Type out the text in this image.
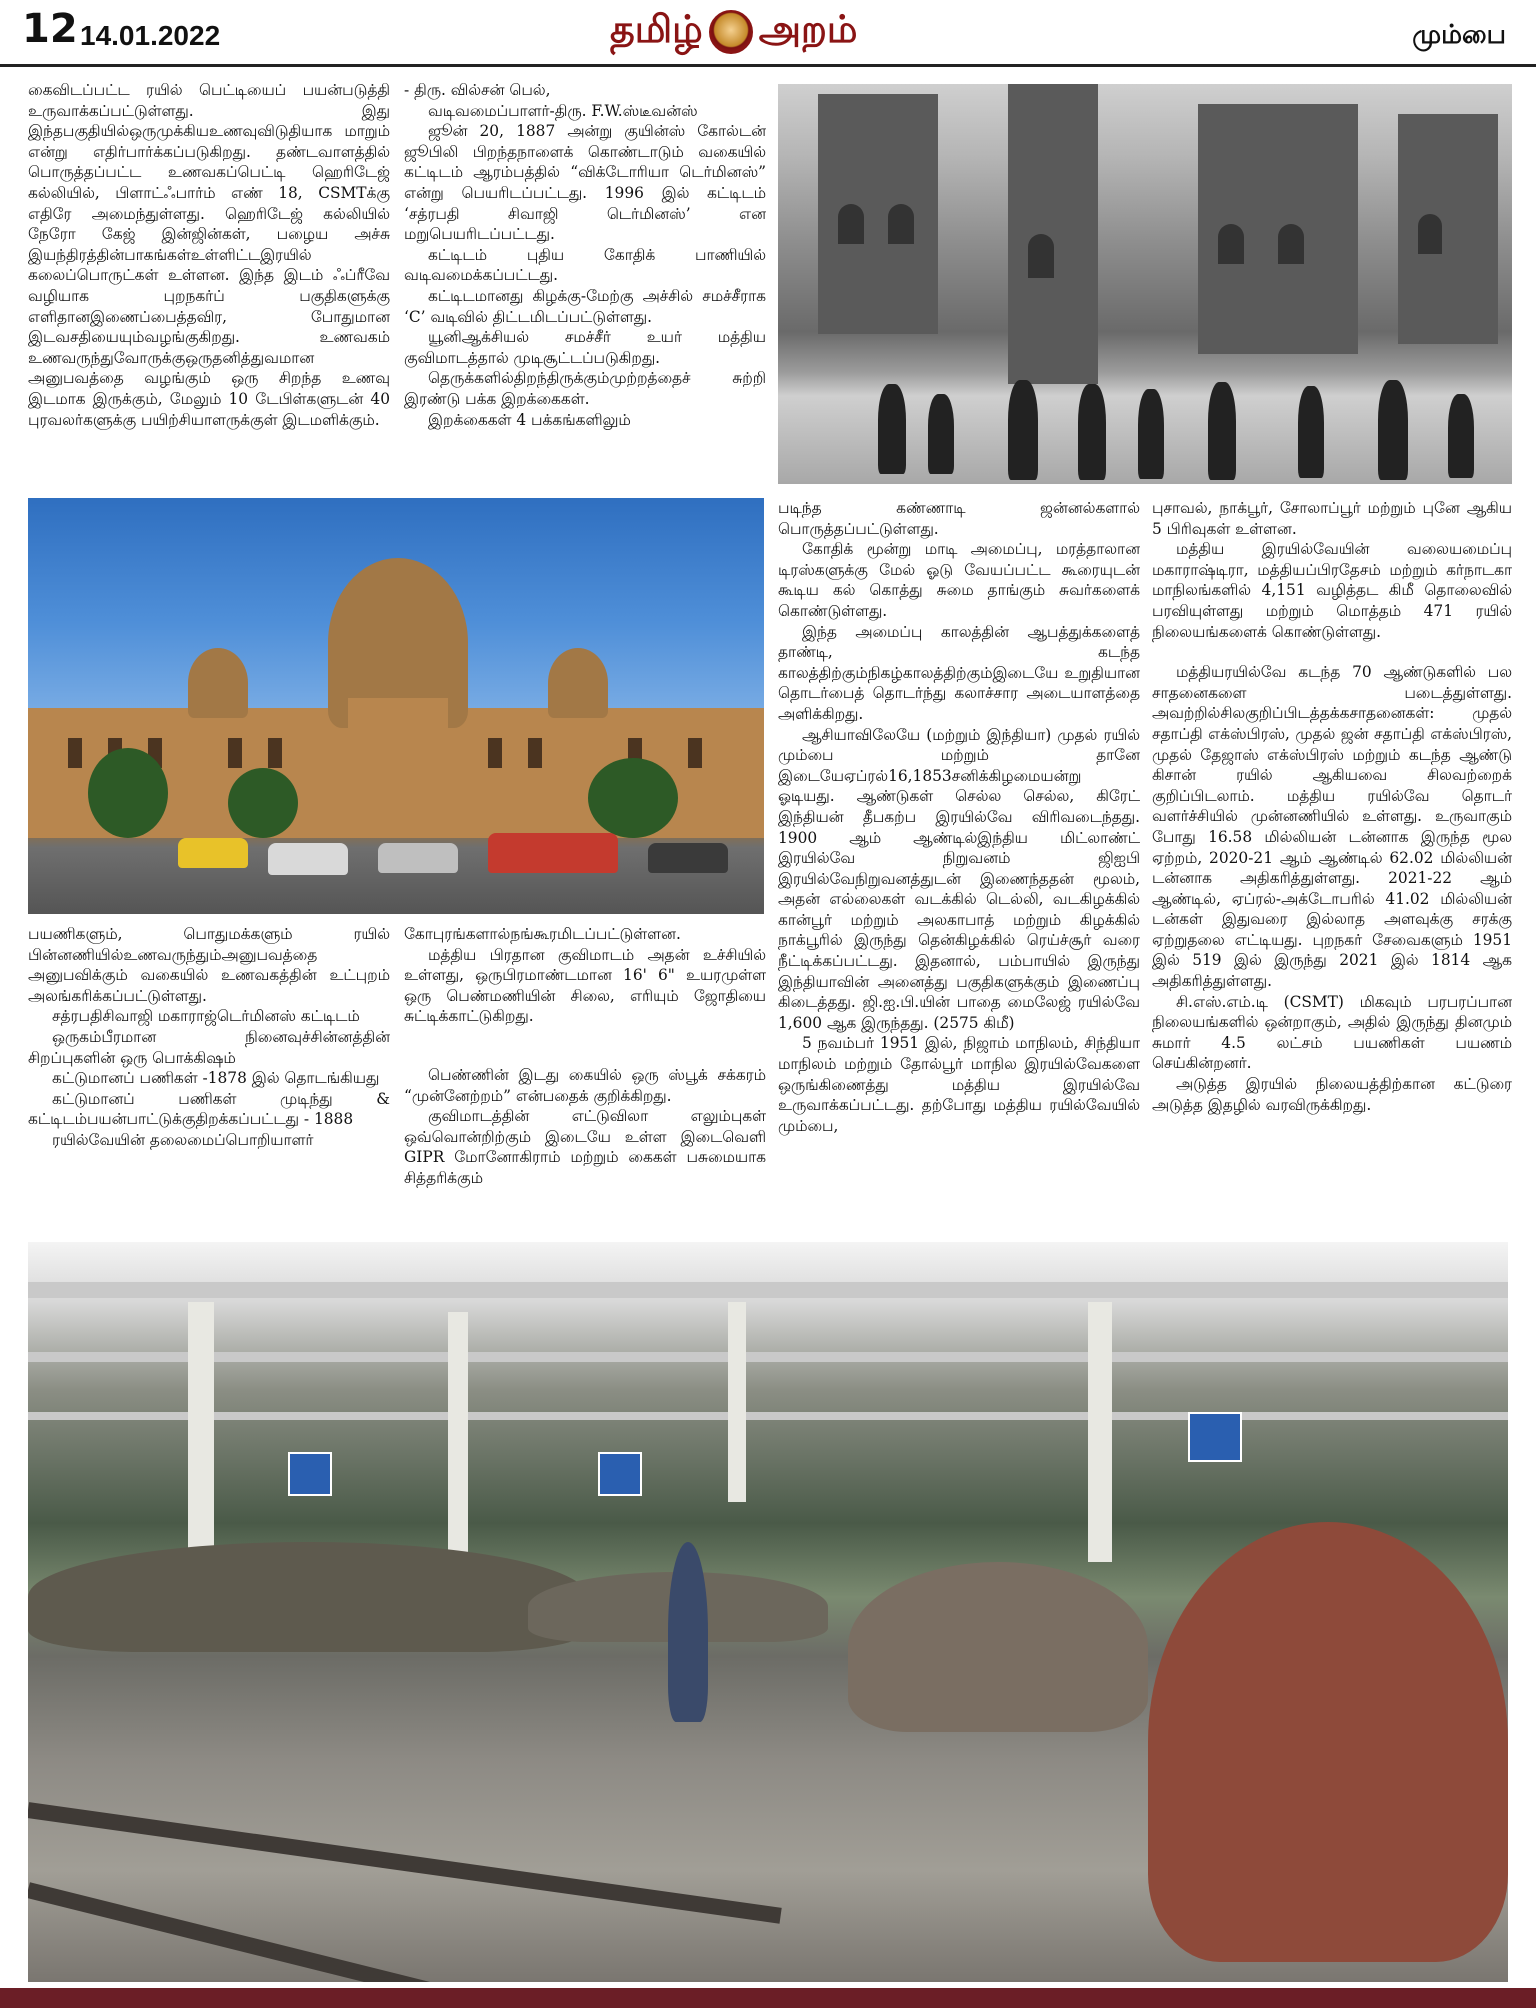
12 14.01.2022	தமிழ் அறம்	மும்பை

கைவிடப்பட்ட ரயில் பெட்டியைப் பயன்படுத்தி உருவாக்கப்பட்டுள்ளது. இது இந்தபகுதியில்ஒருமுக்கியஉணவுவிடுதியாக மாறும் என்று எதிர்பார்க்கப்படுகிறது. தண்டவாளத்தில் பொருத்தப்பட்ட உணவகப்பெட்டி ஹெரிடேஜ் கல்லியில், பிளாட்ஃபார்ம் எண் 18, CSMTக்கு எதிரே அமைந்துள்ளது. ஹெரிடேஜ் கல்லியில் நேரோ கேஜ் இன்ஜின்கள், பழைய அச்சு இயந்திரத்தின்பாகங்கள்உள்ளிட்டஇரயில் கலைப்பொருட்கள் உள்ளன. இந்த இடம் ஃப்ரீவே வழியாக புறநகர்ப் பகுதிகளுக்கு எளிதானஇணைப்பைத்தவிர, போதுமான இடவசதியையும்வழங்குகிறது. உணவகம் உணவருந்துவோருக்குஒருதனித்துவமான அனுபவத்தை வழங்கும் ஒரு சிறந்த உணவு இடமாக இருக்கும், மேலும் 10 டேபிள்களுடன் 40 புரவலர்களுக்கு பயிற்சியாளருக்குள் இடமளிக்கும்.

- திரு. வில்சன் பெல்,

வடிவமைப்பாளர்-திரு. F.W.ஸ்டீவன்ஸ்

ஜூன் 20, 1887 அன்று குயின்ஸ் கோல்டன் ஜூபிலி பிறந்தநாளைக் கொண்டாடும் வகையில் கட்டிடம் ஆரம்பத்தில் “விக்டோரியா டெர்மினஸ்” என்று பெயரிடப்பட்டது. 1996 இல் கட்டிடம் ‘சத்ரபதி சிவாஜி டெர்மினஸ்’ என மறுபெயரிடப்பட்டது.

கட்டிடம் புதிய கோதிக் பாணியில் வடிவமைக்கப்பட்டது.

கட்டிடமானது கிழக்கு-மேற்கு அச்சில் சமச்சீராக ‘C’ வடிவில் திட்டமிடப்பட்டுள்ளது.

யூனிஆக்சியல் சமச்சீர் உயர் மத்திய குவிமாடத்தால் முடிசூட்டப்படுகிறது.

தெருக்களில்திறந்திருக்கும்முற்றத்தைச் சுற்றி இரண்டு பக்க இறக்கைகள்.

இறக்கைகள் 4 பக்கங்களிலும்

படிந்த கண்ணாடி ஜன்னல்களால் பொருத்தப்பட்டுள்ளது.

கோதிக் மூன்று மாடி அமைப்பு, மரத்தாலான டிரஸ்களுக்கு மேல் ஓடு வேயப்பட்ட கூரையுடன் கூடிய கல் கொத்து சுமை தாங்கும் சுவர்களைக் கொண்டுள்ளது.

இந்த அமைப்பு காலத்தின் ஆபத்துக்களைத் தாண்டி, கடந்த காலத்திற்கும்நிகழ்காலத்திற்கும்இடையே உறுதியான தொடர்பைத் தொடர்ந்து கலாச்சார அடையாளத்தை அளிக்கிறது.

ஆசியாவிலேயே (மற்றும் இந்தியா) முதல் ரயில் மும்பை மற்றும் தானே இடையேஏப்ரல்16,1853சனிக்கிழமையன்று ஓடியது. ஆண்டுகள் செல்ல செல்ல, கிரேட் இந்தியன் தீபகற்ப இரயில்வே விரிவடைந்தது. 1900 ஆம் ஆண்டில்இந்திய மிட்லாண்ட் இரயில்வே நிறுவனம் ஜிஐபி இரயில்வேநிறுவனத்துடன் இணைந்ததன் மூலம், அதன் எல்லைகள் வடக்கில் டெல்லி, வடகிழக்கில் கான்பூர் மற்றும் அலகாபாத் மற்றும் கிழக்கில் நாக்பூரில் இருந்து தென்கிழக்கில் ரெய்ச்சூர் வரை நீட்டிக்கப்பட்டது. இதனால், பம்பாயில் இருந்து இந்தியாவின் அனைத்து பகுதிகளுக்கும் இணைப்பு கிடைத்தது. ஜி.ஐ.பி.யின் பாதை மைலேஜ் ரயில்வே 1,600 ஆக இருந்தது. (2575 கிமீ)

5 நவம்பர் 1951 இல், நிஜாம் மாநிலம், சிந்தியா மாநிலம் மற்றும் தோல்பூர் மாநில இரயில்வேகளை ஒருங்கிணைத்து மத்திய இரயில்வே உருவாக்கப்பட்டது. தற்போது மத்திய ரயில்வேயில் மும்பை,

புசாவல், நாக்பூர், சோலாப்பூர் மற்றும் புனே ஆகிய 5 பிரிவுகள் உள்ளன.

மத்திய இரயில்வேயின் வலையமைப்பு மகாராஷ்டிரா, மத்தியப்பிரதேசம் மற்றும் கர்நாடகா மாநிலங்களில் 4,151 வழித்தட கிமீ தொலைவில் பரவியுள்ளது மற்றும் மொத்தம் 471 ரயில் நிலையங்களைக் கொண்டுள்ளது.

மத்தியரயில்வே கடந்த 70 ஆண்டுகளில் பல சாதனைகளை படைத்துள்ளது. அவற்றில்சிலகுறிப்பிடத்தக்கசாதனைகள்: முதல் சதாப்தி எக்ஸ்பிரஸ், முதல் ஜன் சதாப்தி எக்ஸ்பிரஸ், முதல் தேஜாஸ் எக்ஸ்பிரஸ் மற்றும் கடந்த ஆண்டு கிசான் ரயில் ஆகியவை சிலவற்றைக் குறிப்பிடலாம். மத்திய ரயில்வே தொடர் வளர்ச்சியில் முன்னணியில் உள்ளது. உருவாகும் போது 16.58 மில்லியன் டன்னாக இருந்த மூல ஏற்றம், 2020-21 ஆம் ஆண்டில் 62.02 மில்லியன் டன்னாக அதிகரித்துள்ளது. 2021-22 ஆம் ஆண்டில், ஏப்ரல்-அக்டோபரில் 41.02 மில்லியன் டன்கள் இதுவரை இல்லாத அளவுக்கு சரக்கு ஏற்றுதலை எட்டியது. புறநகர் சேவைகளும் 1951 இல் 519 இல் இருந்து 2021 இல் 1814 ஆக அதிகரித்துள்ளது.

சி.எஸ்.எம்.டி (CSMT) மிகவும் பரபரப்பான நிலையங்களில் ஒன்றாகும், அதில் இருந்து தினமும் சுமார் 4.5 லட்சம் பயணிகள் பயணம் செய்கின்றனர்.

அடுத்த இரயில் நிலையத்திற்கான கட்டுரை அடுத்த இதழில் வரவிருக்கிறது.

பயணிகளும், பொதுமக்களும் ரயில் பின்னணியில்உணவருந்தும்அனுபவத்தை அனுபவிக்கும் வகையில் உணவகத்தின் உட்புறம் அலங்கரிக்கப்பட்டுள்ளது.

சத்ரபதிசிவாஜி மகாராஜ்டெர்மினஸ் கட்டிடம்

ஒருகம்பீரமான நினைவுச்சின்னத்தின் சிறப்புகளின் ஒரு பொக்கிஷம்

கட்டுமானப் பணிகள் -1878 இல் தொடங்கியது

கட்டுமானப் பணிகள் முடிந்து & கட்டிடம்பயன்பாட்டுக்குதிறக்கப்பட்டது - 1888

ரயில்வேயின் தலைமைப்பொறியாளர்

கோபுரங்களால்நங்கூரமிடப்பட்டுள்ளன.

மத்திய பிரதான குவிமாடம் அதன் உச்சியில் உள்ளது, ஒருபிரமாண்டமான 16' 6" உயரமுள்ள ஒரு பெண்மணியின் சிலை, எரியும் ஜோதியை சுட்டிக்காட்டுகிறது.

பெண்ணின் இடது கையில் ஒரு ஸ்பூக் சக்கரம் “முன்னேற்றம்” என்பதைக் குறிக்கிறது.

குவிமாடத்தின் எட்டுவிலா எலும்புகள் ஒவ்வொன்றிற்கும் இடையே உள்ள இடைவெளி GIPR மோனோகிராம் மற்றும் கைகள் பசுமையாக சித்தரிக்கும்
